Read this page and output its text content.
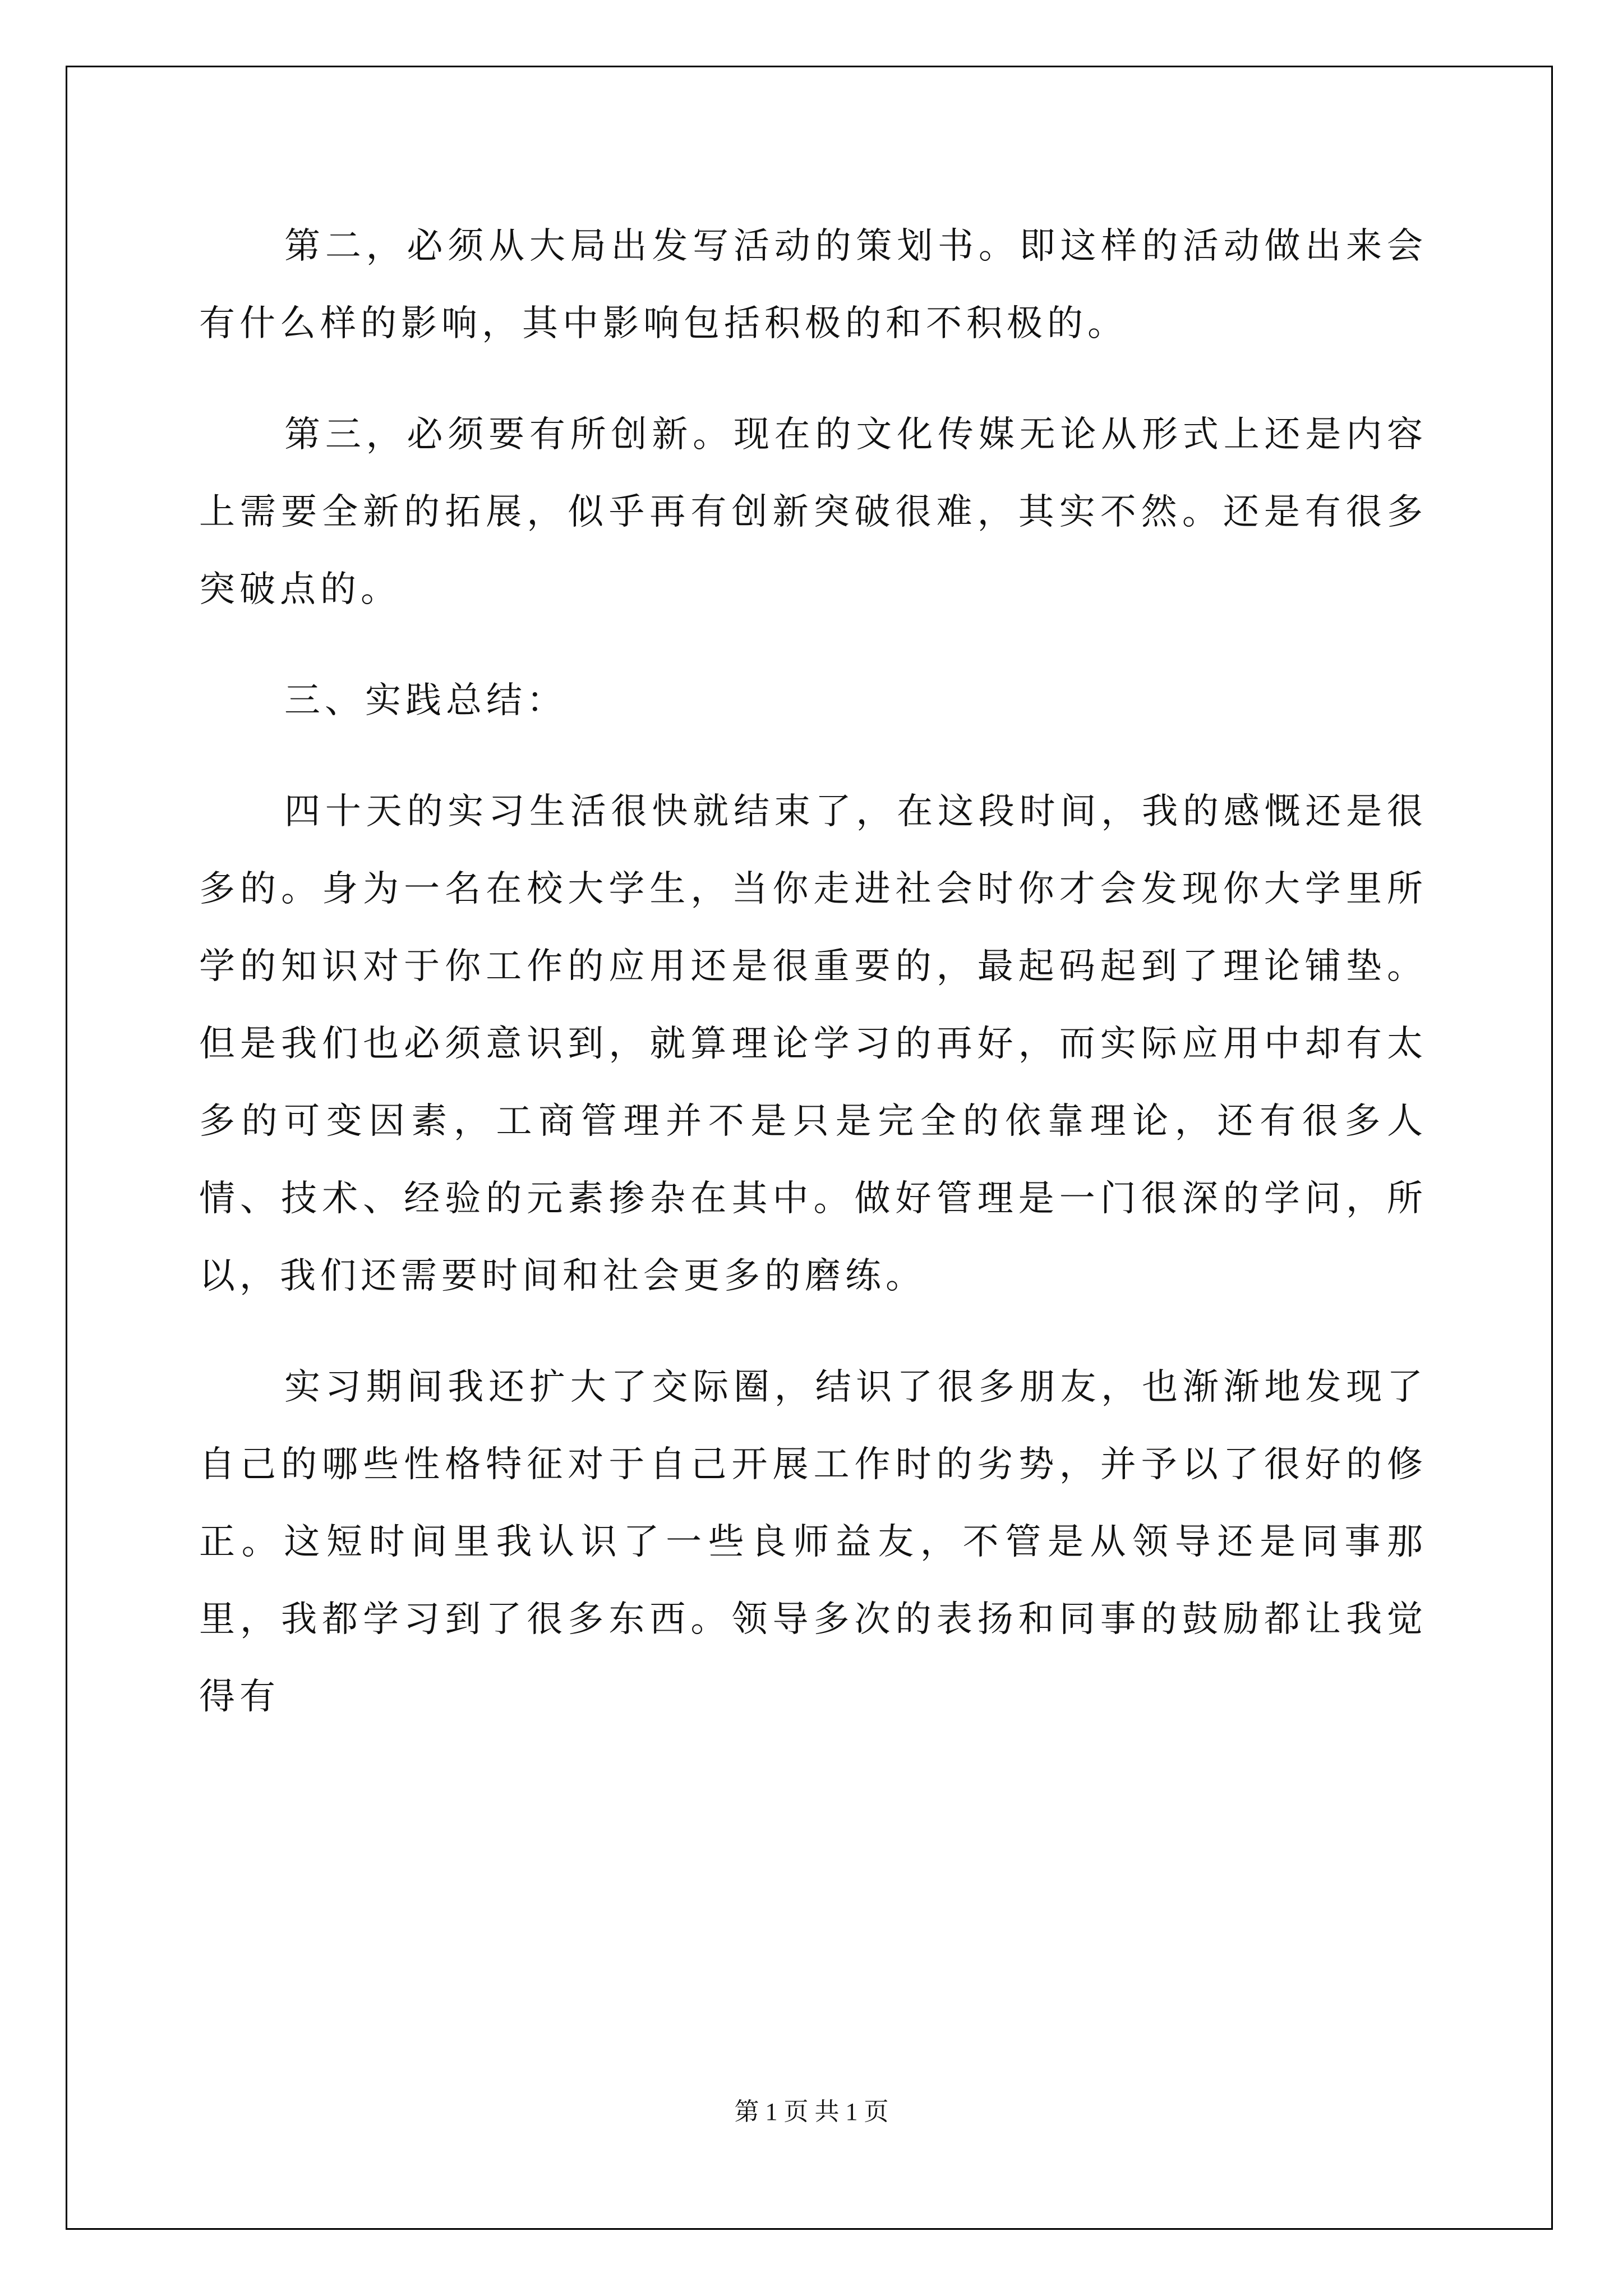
第二，必须从大局出发写活动的策划书。即这样的活动做出来会有什么样的影响，其中影响包括积极的和不积极的。

第三，必须要有所创新。现在的文化传媒无论从形式上还是内容上需要全新的拓展，似乎再有创新突破很难，其实不然。还是有很多突破点的。

三、实践总结：

四十天的实习生活很快就结束了，在这段时间，我的感慨还是很多的。身为一名在校大学生，当你走进社会时你才会发现你大学里所学的知识对于你工作的应用还是很重要的，最起码起到了理论铺垫。但是我们也必须意识到，就算理论学习的再好，而实际应用中却有太多的可变因素，工商管理并不是只是完全的依靠理论，还有很多人情、技术、经验的元素掺杂在其中。做好管理是一门很深的学问，所以，我们还需要时间和社会更多的磨练。

实习期间我还扩大了交际圈，结识了很多朋友，也渐渐地发现了自己的哪些性格特征对于自己开展工作时的劣势，并予以了很好的修正。这短时间里我认识了一些良师益友，不管是从领导还是同事那里，我都学习到了很多东西。领导多次的表扬和同事的鼓励都让我觉得有

第 1 页 共 1 页
